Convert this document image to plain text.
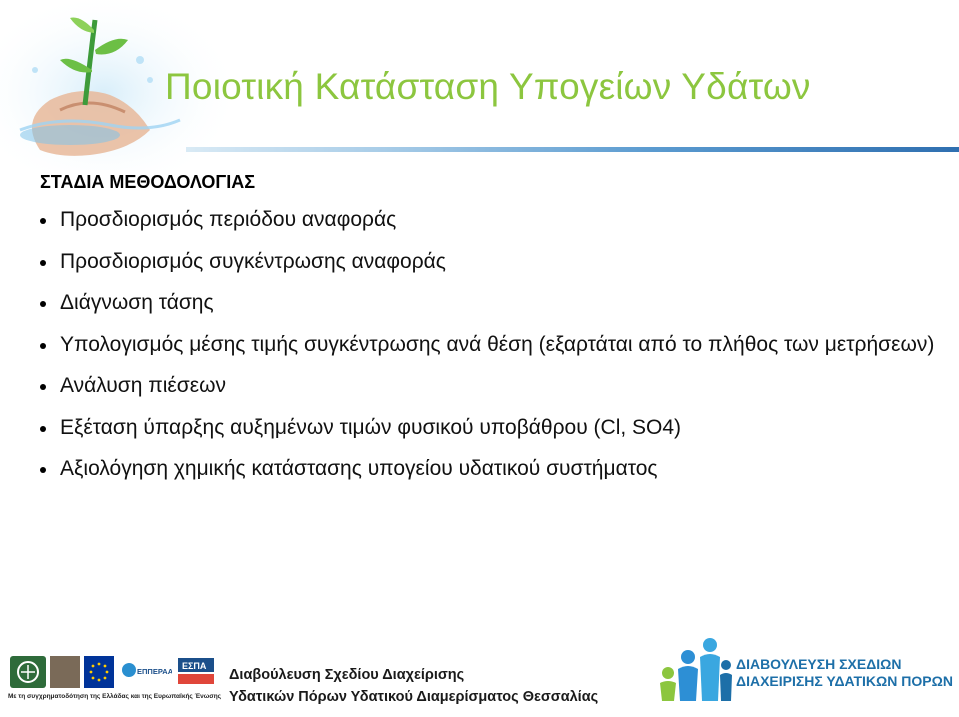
Ποιοτική Κατάσταση Υπογείων Υδάτων
ΣΤΑΔΙΑ ΜΕΘΟΔΟΛΟΓΙΑΣ
Προσδιορισμός περιόδου αναφοράς
Προσδιορισμός συγκέντρωσης αναφοράς
Διάγνωση τάσης
Υπολογισμός μέσης τιμής συγκέντρωσης ανά θέση (εξαρτάται από το πλήθος των μετρήσεων)
Ανάλυση πιέσεων
Εξέταση ύπαρξης αυξημένων τιμών φυσικού υποβάθρου (Cl, SO4)
Αξιολόγηση χημικής κατάστασης υπογείου υδατικού συστήματος
ΕΠΠΕΡΑΑ
ΕΣΠΑ
Με τη συγχρηματοδότηση της Ελλάδας και της Ευρωπαϊκής Ένωσης
Διαβούλευση Σχεδίου Διαχείρισης
Υδατικών Πόρων Υδατικού Διαμερίσματος Θεσσαλίας
ΔΙΑΒΟΥΛΕΥΣΗ ΣΧΕΔΙΩΝ
ΔΙΑΧΕΙΡΙΣΗΣ ΥΔΑΤΙΚΩΝ ΠΟΡΩΝ
